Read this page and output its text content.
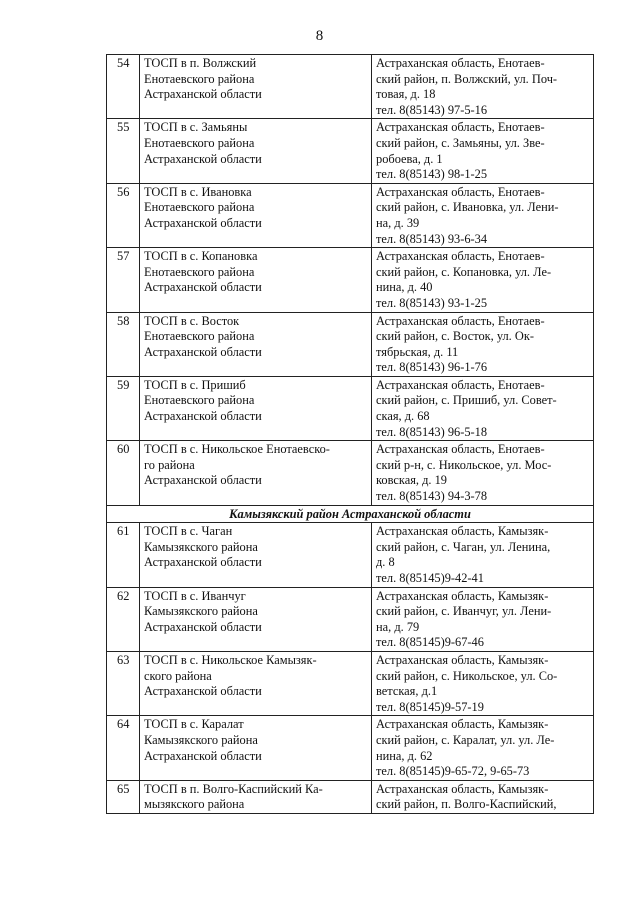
8
54	ТОСП в п. Волжский
Енотаевского района
Астраханской области	Астраханская область, Енотаев-
ский район, п. Волжский, ул. Поч-
товая, д. 18
тел. 8(85143) 97-5-16

55	ТОСП в с. Замьяны
Енотаевского района
Астраханской области	Астраханская область, Енотаев-
ский район, с. Замьяны, ул. Зве-
робоева, д. 1
тел. 8(85143) 98-1-25

56	ТОСП в с. Ивановка
Енотаевского района
Астраханской области	Астраханская область, Енотаев-
ский район, с. Ивановка, ул. Лени-
на, д. 39
тел. 8(85143) 93-6-34

57	ТОСП в с. Копановка
Енотаевского района
Астраханской области	Астраханская область, Енотаев-
ский район, с. Копановка, ул. Ле-
нина, д. 40
тел. 8(85143) 93-1-25

58	ТОСП в с. Восток
Енотаевского района
Астраханской области	Астраханская область, Енотаев-
ский район, с. Восток, ул. Ок-
тябрьская, д. 11
тел. 8(85143) 96-1-76

59	ТОСП в с. Пришиб
Енотаевского района
Астраханской области	Астраханская область, Енотаев-
ский район, с. Пришиб, ул. Совет-
ская, д. 68
тел. 8(85143) 96-5-18

60	ТОСП в с. Никольское Енотаевско-
го района
Астраханской области	Астраханская область, Енотаев-
ский р-н, с. Никольское, ул. Мос-
ковская, д. 19
тел. 8(85143) 94-3-78

Камызякский район Астраханской области		
61	ТОСП в с. Чаган
Камызякского района
Астраханской области	Астраханская область, Камызяк-
ский район, с. Чаган, ул. Ленина,
д. 8
тел. 8(85145)9-42-41

62	ТОСП в с. Иванчуг
Камызякского района
Астраханской области	Астраханская область, Камызяк-
ский район, с. Иванчуг, ул. Лени-
на, д. 79
тел. 8(85145)9-67-46

63	ТОСП в с. Никольское Камызяк-
ского района
Астраханской области	Астраханская область, Камызяк-
ский район, с. Никольское, ул. Со-
ветская, д.1
тел. 8(85145)9-57-19

64	ТОСП в с. Каралат
Камызякского района
Астраханской области	Астраханская область, Камызяк-
ский район, с. Каралат, ул. ул. Ле-
нина, д. 62
тел. 8(85145)9-65-72, 9-65-73

65	ТОСП в п. Волго-Каспийский Ка-
мызякского района	Астраханская область, Камызяк-
ский район, п. Волго-Каспийский,
